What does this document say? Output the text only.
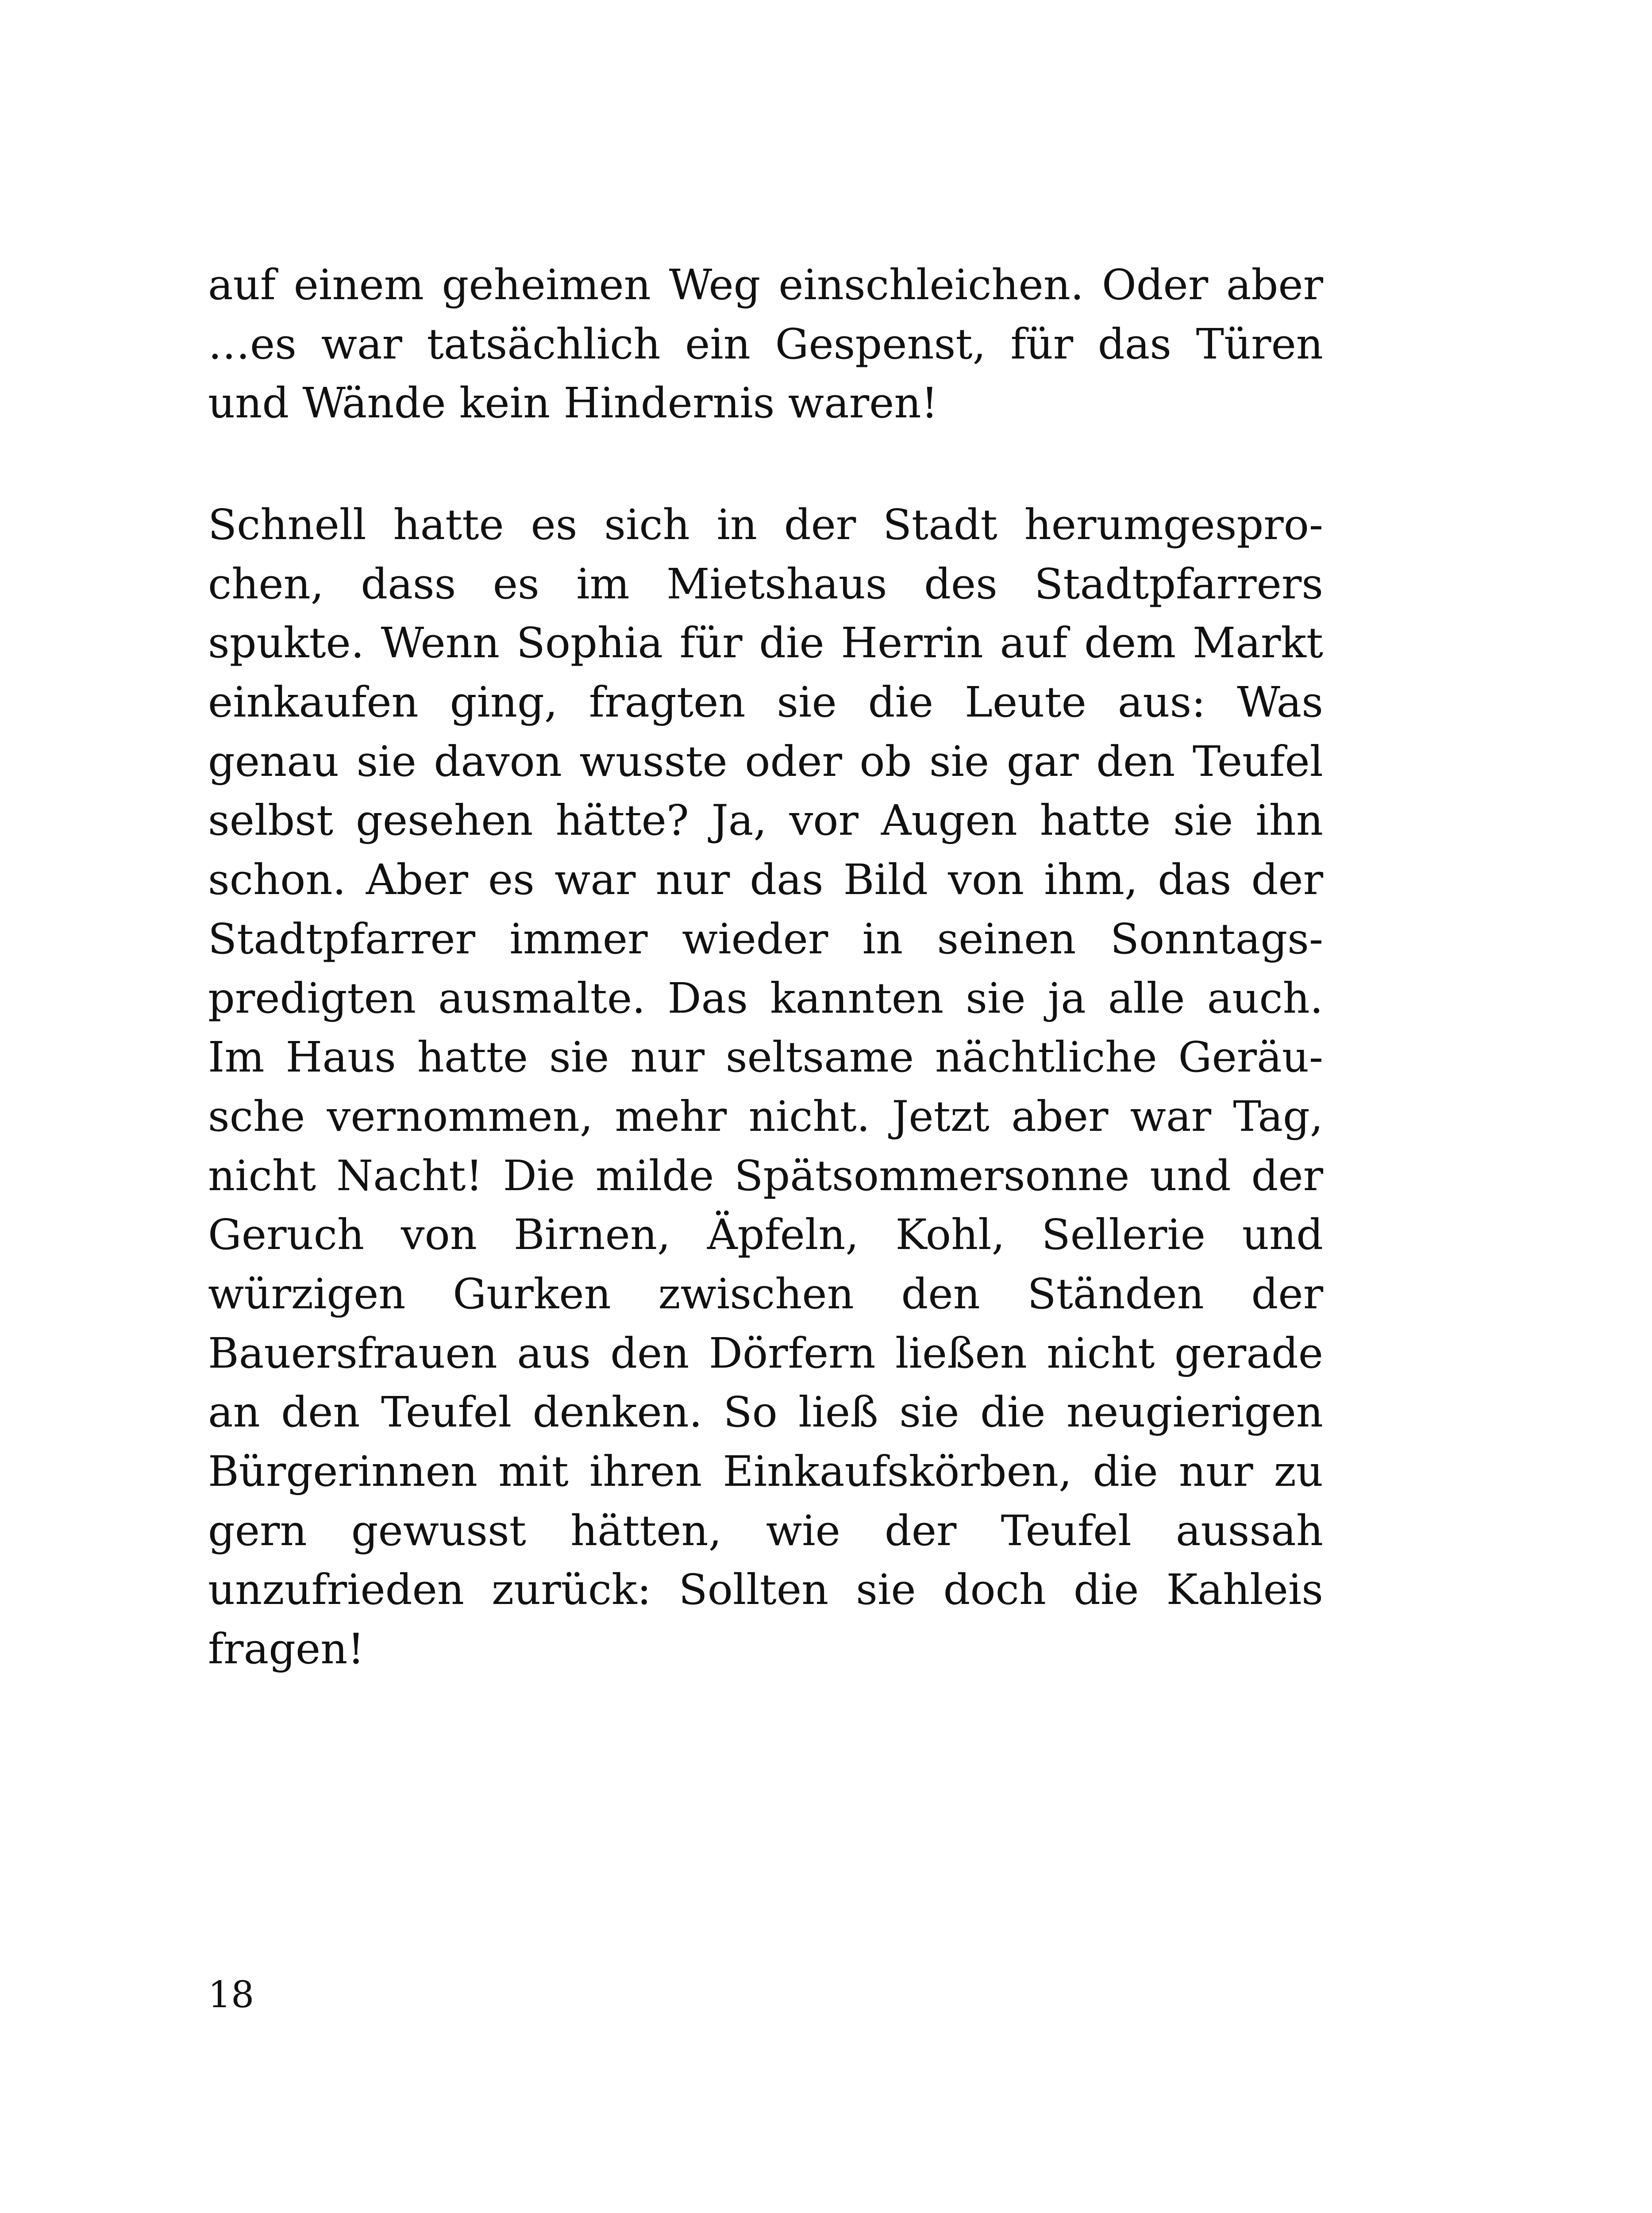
auf einem geheimen Weg einschleichen. Oder aber
…es war tatsächlich ein Gespenst, für das Türen
und Wände kein Hindernis waren!
Schnell hatte es sich in der Stadt herumgespro-
chen, dass es im Mietshaus des Stadtpfarrers
spukte. Wenn Sophia für die Herrin auf dem Markt
einkaufen ging, fragten sie die Leute aus: Was
genau sie davon wusste oder ob sie gar den Teufel
selbst gesehen hätte? Ja, vor Augen hatte sie ihn
schon. Aber es war nur das Bild von ihm, das der
Stadtpfarrer immer wieder in seinen Sonntags-
predigten ausmalte. Das kannten sie ja alle auch.
Im Haus hatte sie nur seltsame nächtliche Geräu-
sche vernommen, mehr nicht. Jetzt aber war Tag,
nicht Nacht! Die milde Spätsommersonne und der
Geruch von Birnen, Äpfeln, Kohl, Sellerie und
würzigen Gurken zwischen den Ständen der
Bauersfrauen aus den Dörfern ließen nicht gerade
an den Teufel denken. So ließ sie die neugierigen
Bürgerinnen mit ihren Einkaufskörben, die nur zu
gern gewusst hätten, wie der Teufel aussah
unzufrieden zurück: Sollten sie doch die Kahleis
fragen!
18
